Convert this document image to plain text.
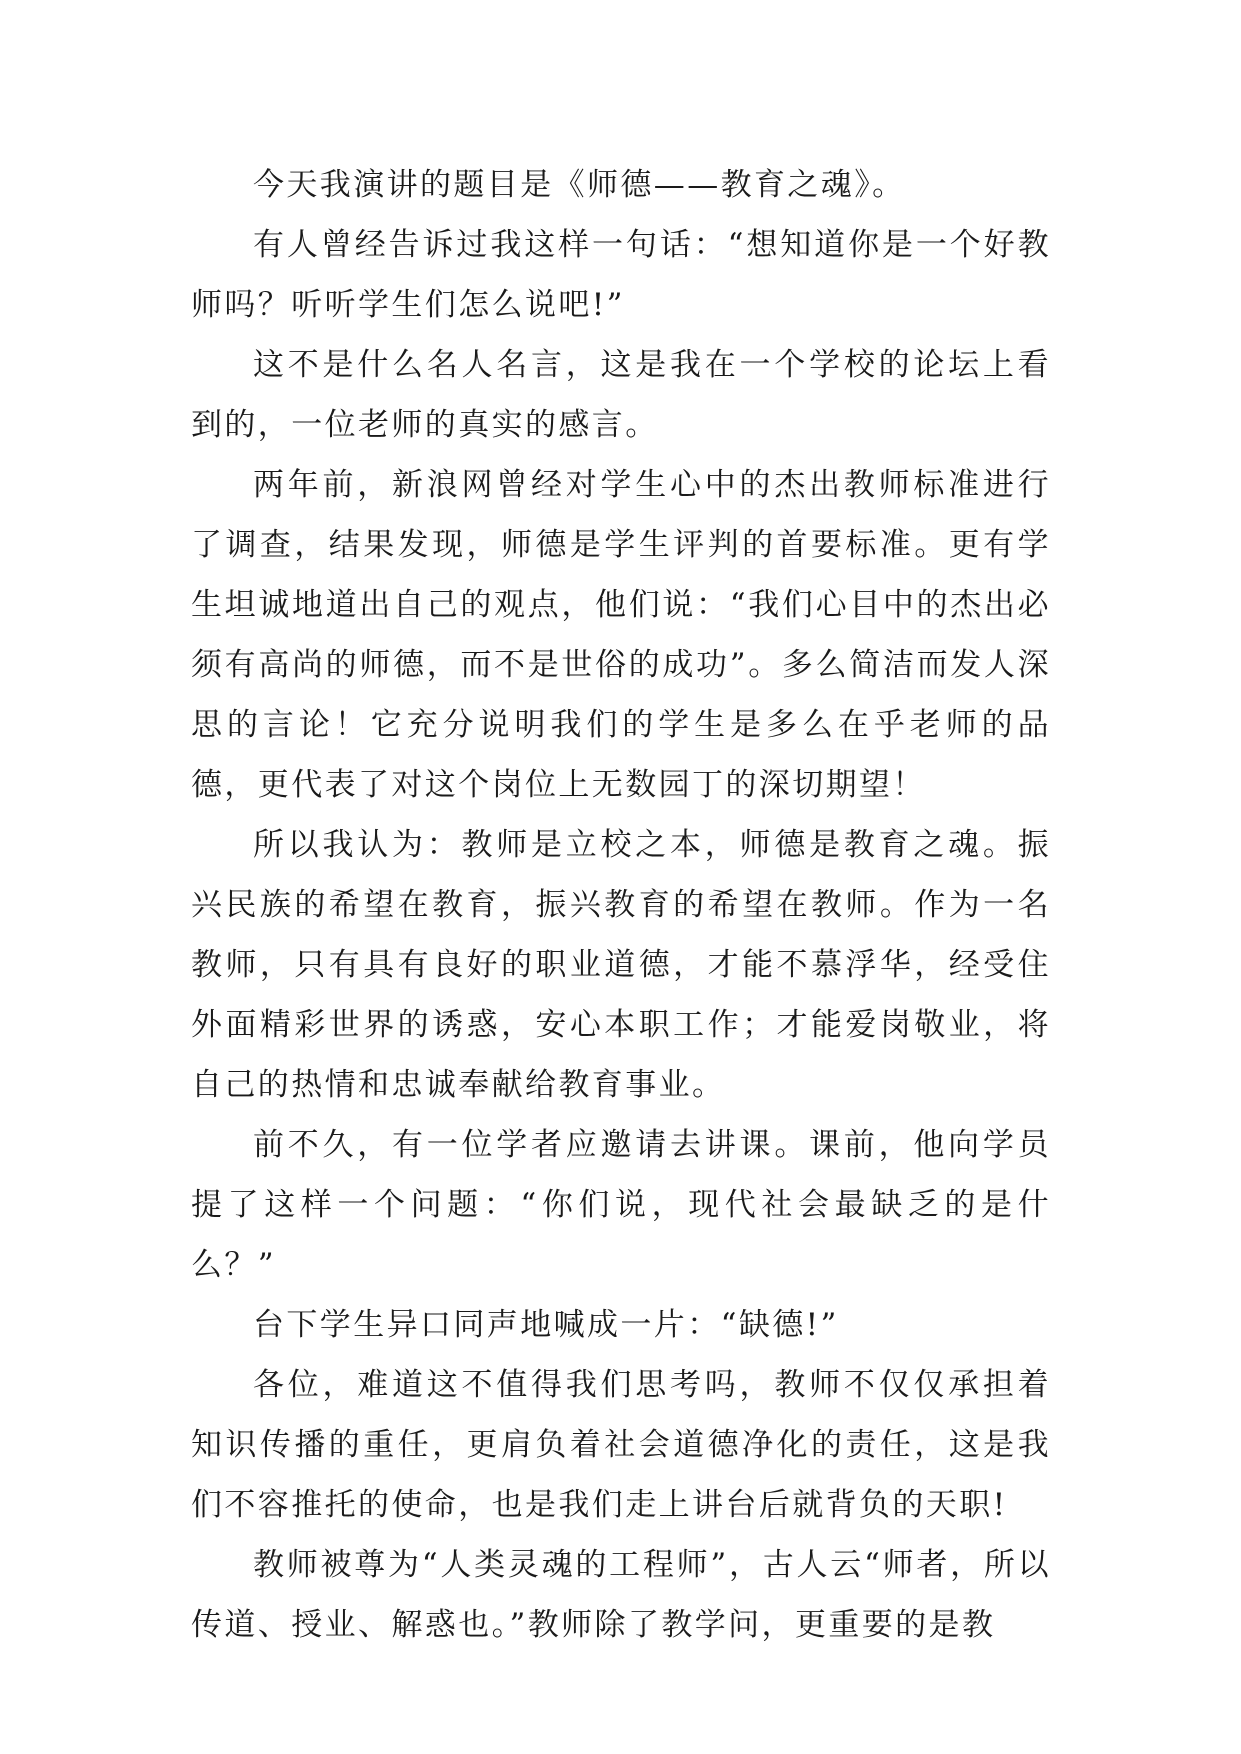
今天我演讲的题目是《师德——教育之魂》。

有人曾经告诉过我这样一句话：“想知道你是一个好教师吗？听听学生们怎么说吧!”

这不是什么名人名言，这是我在一个学校的论坛上看到的，一位老师的真实的感言。

两年前，新浪网曾经对学生心中的杰出教师标准进行了调查，结果发现，师德是学生评判的首要标准。更有学生坦诚地道出自己的观点，他们说：“我们心目中的杰出必须有高尚的师德，而不是世俗的成功”。多么简洁而发人深思的言论！它充分说明我们的学生是多么在乎老师的品德，更代表了对这个岗位上无数园丁的深切期望！

所以我认为：教师是立校之本，师德是教育之魂。振兴民族的希望在教育，振兴教育的希望在教师。作为一名教师，只有具有良好的职业道德，才能不慕浮华，经受住外面精彩世界的诱惑，安心本职工作；才能爱岗敬业，将自己的热情和忠诚奉献给教育事业。

前不久，有一位学者应邀请去讲课。课前，他向学员提了这样一个问题：“你们说，现代社会最缺乏的是什么？”

台下学生异口同声地喊成一片：“缺德!”

各位，难道这不值得我们思考吗，教师不仅仅承担着知识传播的重任，更肩负着社会道德净化的责任，这是我们不容推托的使命，也是我们走上讲台后就背负的天职!

教师被尊为“人类灵魂的工程师”，古人云“师者，所以传道、授业、解惑也。”教师除了教学问，更重要的是教
